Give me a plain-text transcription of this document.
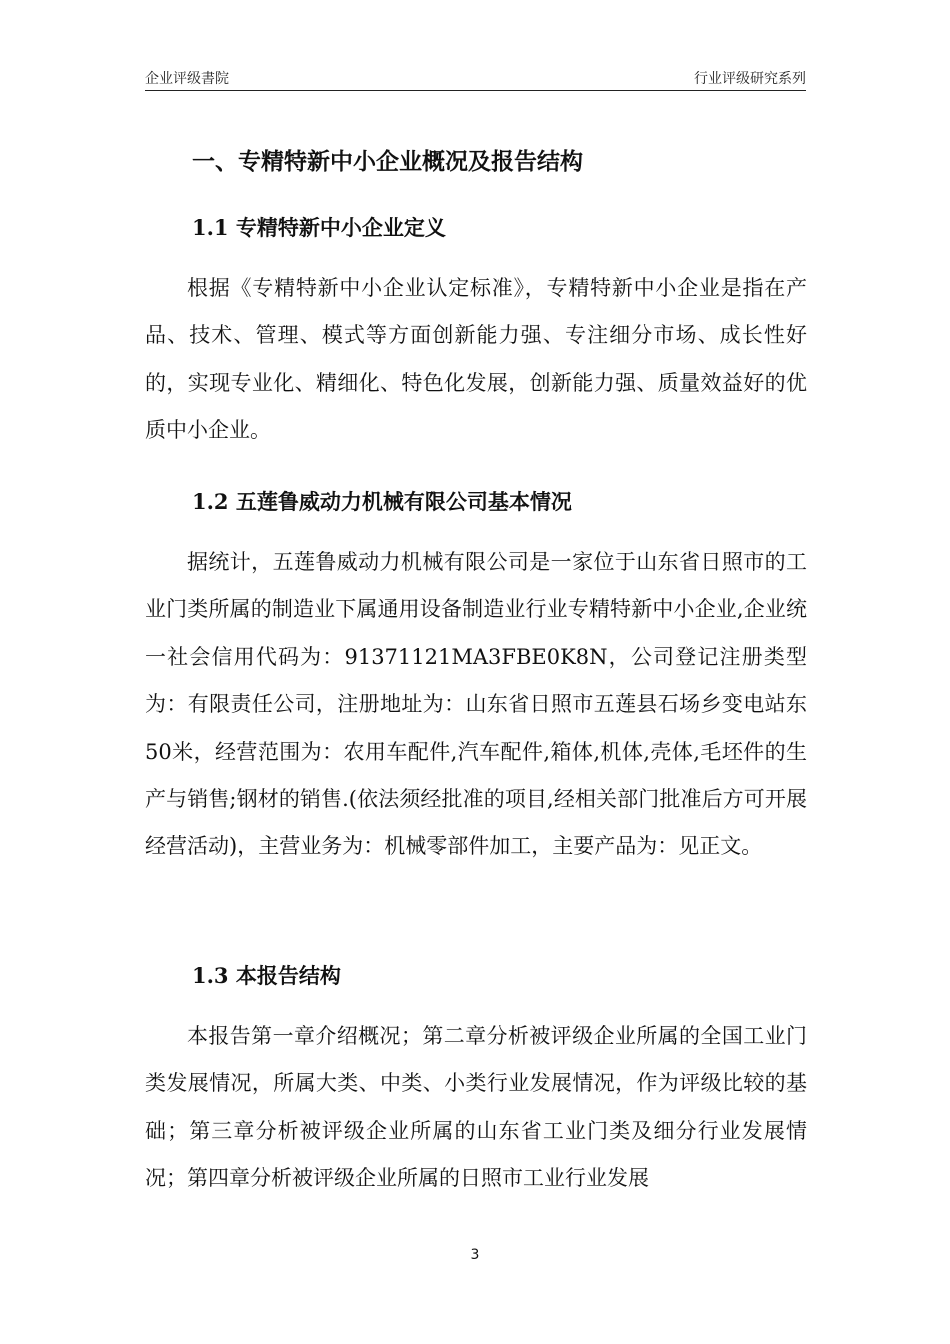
企业评级書院	行业评级研究系列
一、专精特新中小企业概况及报告结构
1.1 专精特新中小企业定义

根据《专精特新中小企业认定标准》，专精特新中小企业是指在产品、技术、管理、模式等方面创新能力强、专注细分市场、成长性好的，实现专业化、精细化、特色化发展，创新能力强、质量效益好的优质中小企业。

1.2 五莲鲁威动力机械有限公司基本情况

据统计，五莲鲁威动力机械有限公司是一家位于山东省日照市的工业门类所属的制造业下属通用设备制造业行业专精特新中小企业,企业统一社会信用代码为：91371121MA3FBE0K8N，公司登记注册类型为：有限责任公司，注册地址为：山东省日照市五莲县石场乡变电站东50米，经营范围为：农用车配件,汽车配件,箱体,机体,壳体,毛坯件的生产与销售;钢材的销售.(依法须经批准的项目,经相关部门批准后方可开展经营活动)，主营业务为：机械零部件加工，主要产品为：见正文。

1.3 本报告结构

本报告第一章介绍概况；第二章分析被评级企业所属的全国工业门类发展情况，所属大类、中类、小类行业发展情况，作为评级比较的基础；第三章分析被评级企业所属的山东省工业门类及细分行业发展情况；第四章分析被评级企业所属的日照市工业行业发展

3
